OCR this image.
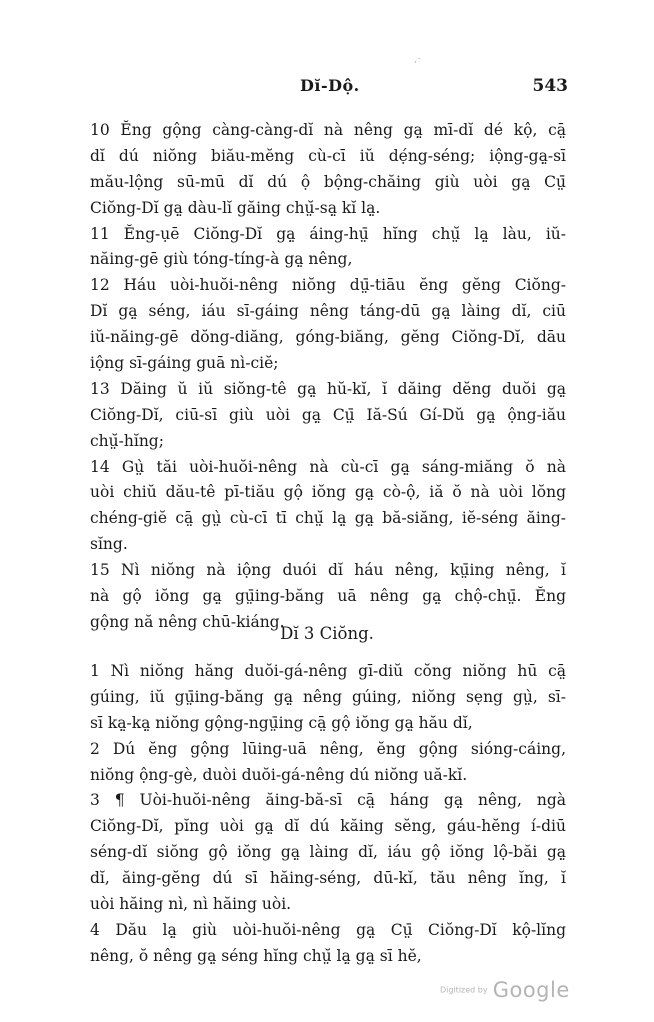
·˙
Dĭ-Dộ.	543
10 Ĕng gộng càng-càng-dĭ nà nêng gạ̤ mī-dĭ dé kộ, cā̤
dĭ dú niŏng biău-mĕng cù-cī iŭ dẹ́ng-séng; iộng-gạ̤-sī
mău-lộng sū-mū dĭ dú ộ bộng-chăing giù uòi gạ̤ Cṳ̄
Ciŏng-Dĭ gạ̤ dàu-lĭ găing chṳ̆-sạ̤ kĭ lạ̤.
11 Ĕng-ụē Ciŏng-Dĭ gạ̤ áing-hṳ̄ hĭng chṳ̆ lạ̤ làu, iŭ-
năing-gē giù tóng-tíng-à gạ̤ nêng,
12 Háu uòi-huŏi-nêng niŏng dṳ̄-tiāu ĕng gĕng Ciŏng-
Dĭ gạ̤ séng, iáu sī-gáing nêng táng-dū gạ̤ làing dĭ, ciū
iŭ-năing-gē dŏng-diăng, góng-biăng, gĕng Ciŏng-Dĭ, dāu
iộng sī-gáing guā nì-ciĕ;
13 Dăing ŭ iŭ siŏng-tê gạ̤ hŭ-kĭ, ĭ dăing dĕng duŏi gạ̤
Ciŏng-Dĭ, ciū-sī giù uòi gạ̤ Cṳ̄ Iă-Sú Gí-Dŭ gạ̤ ộng-iău
chṳ̆-hĭng;
14 Gṳ̀ tăi uòi-huŏi-nêng nà cù-cī gạ̤ sáng-miăng ŏ nà
uòi chiŭ dău-tê pī-tiău gộ iŏng gạ̤ cò-ộ, iă ŏ nà uòi lŏng
chéng-giĕ cā̤ gṳ̀ cù-cī tī chṳ̆ lạ̤ gạ̤ bă-siăng, iĕ-séng ăing-
sĭng.
15 Nì niŏng nà iộng duói dĭ háu nêng, kṳ̄ing nêng, ĭ
nà gộ iŏng gạ̤ gṳ̄ing-băng uā nêng gạ̤ chộ-chṳ̄. Ĕng
gộng nă nêng chū-kiáng.
Dĭ 3 Ciŏng.
1 Nì niŏng hăng duŏi-gá-nêng gī-diŭ cŏng niŏng hū cā̤
gúing, iŭ gṳ̄ing-băng gạ̤ nêng gúing, niŏng sẹng gṳ̀, sī-
sī kạ̤-kạ̤ niŏng gộng-ngṳ̄ing cā̤ gộ iŏng gạ̤ hău dĭ,
2 Dú ĕng gộng lūing-uā nêng, ĕng gộng sióng-cáing,
niŏng ộng-gè, duòi duŏi-gá-nêng dú niŏng uă-kĭ.
3 ¶ Uòi-huŏi-nêng ăing-bă-sī cā̤ háng gạ̤ nêng, ngà
Ciŏng-Dĭ, pĭng uòi gạ̤ dĭ dú kăing sĕng, gáu-hĕng í-diū
séng-dĭ siŏng gộ iŏng gạ̤ làing dĭ, iáu gộ iŏng lộ-băi gạ̤
dĭ, ăing-gĕng dú sī hăing-séng, dū-kĭ, tău nêng ĭng, ĭ
uòi hăing nì, nì hăing uòi.
4 Dău lạ̤ giù uòi-huŏi-nêng gạ̤ Cṳ̄ Ciŏng-Dĭ kộ-lĭng
nêng, ŏ nêng gạ̤ séng hĭng chṳ̆ lạ̤ gạ̤ sī hĕ,
Digitized by Google
